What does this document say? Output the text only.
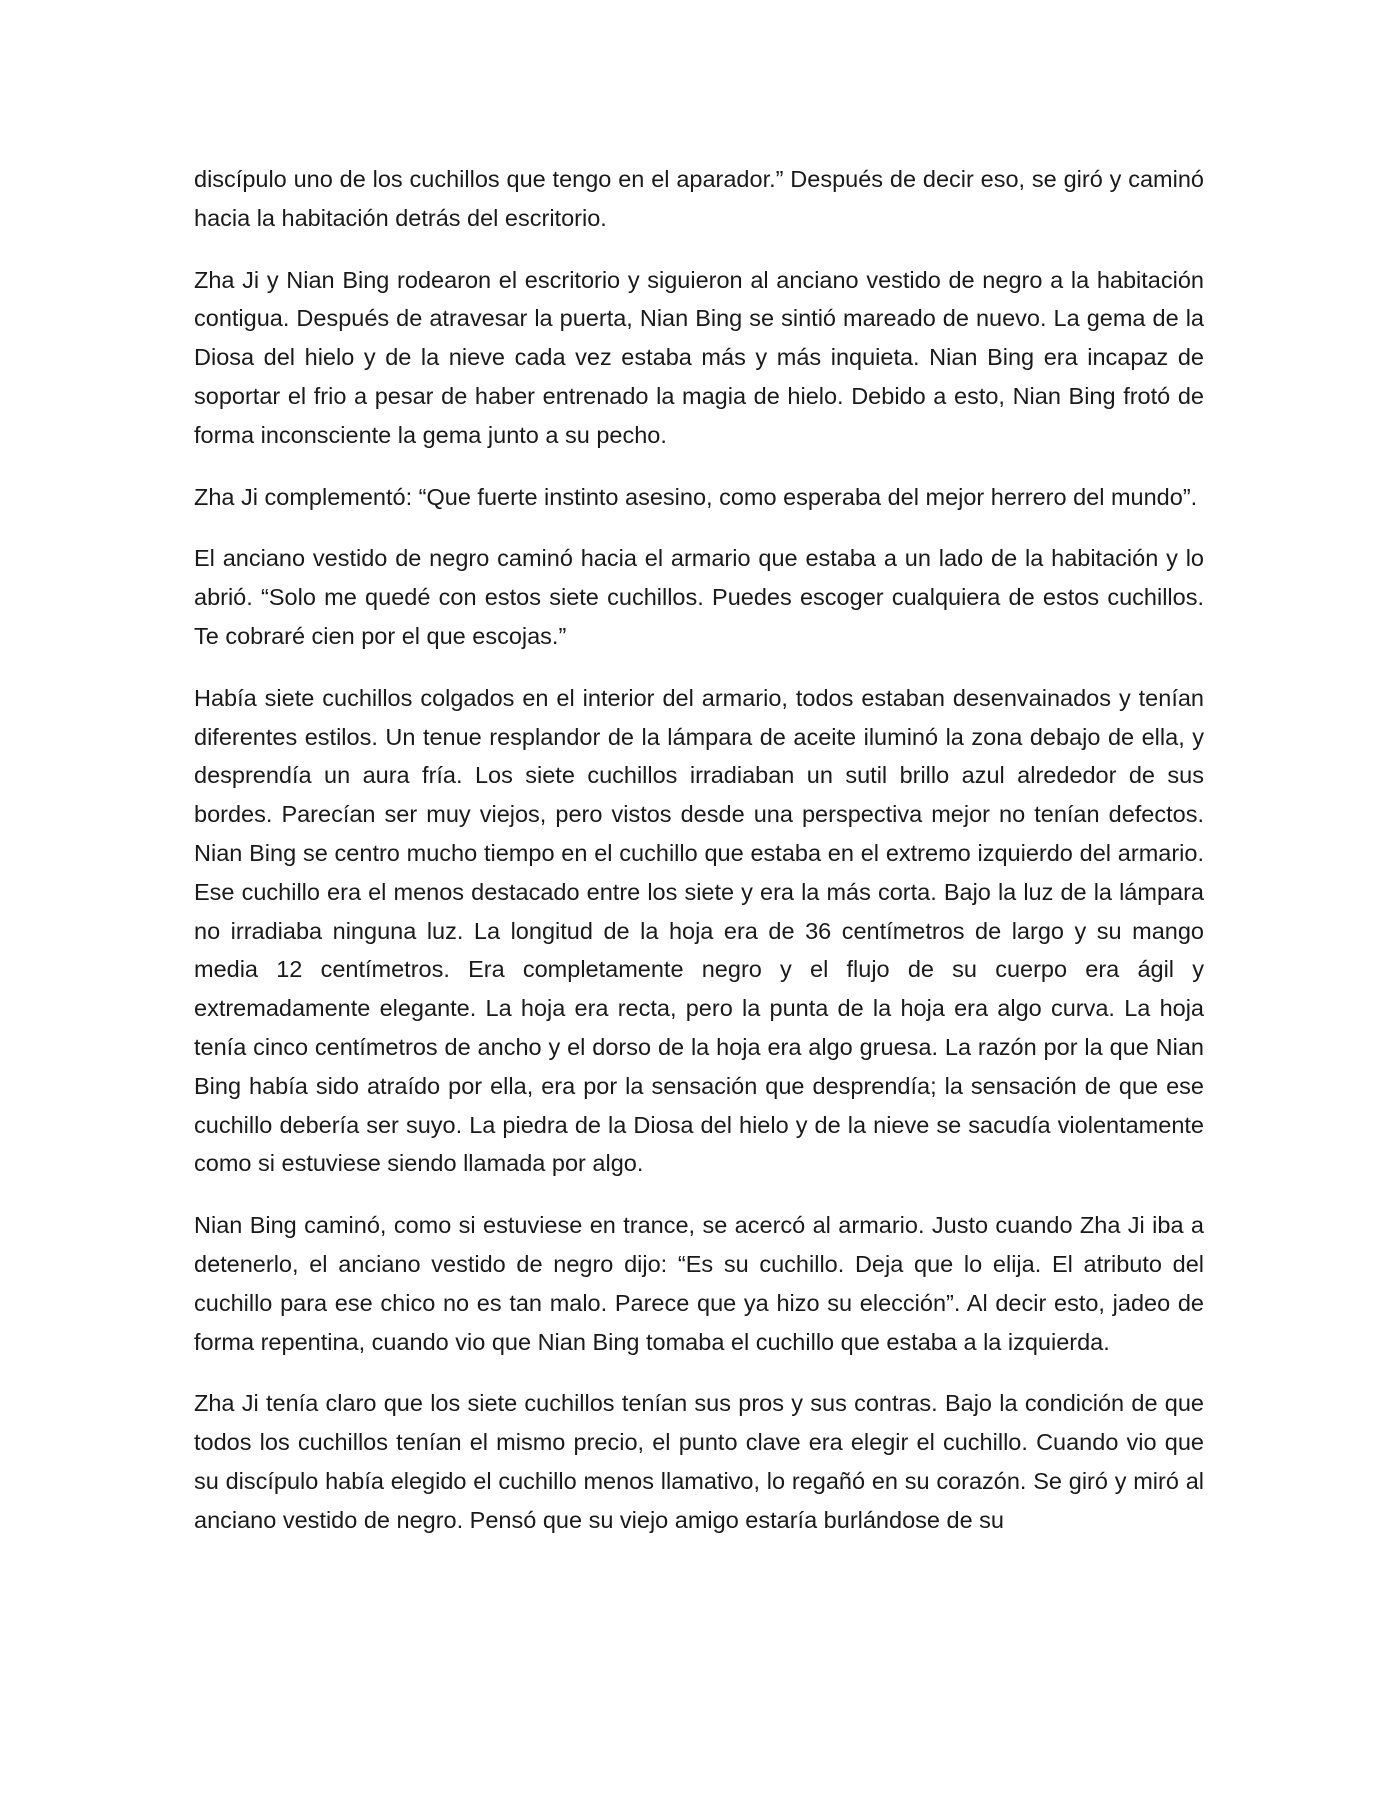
discípulo uno de los cuchillos que tengo en el aparador.” Después de decir eso, se giró y caminó hacia la habitación detrás del escritorio.

Zha Ji y Nian Bing rodearon el escritorio y siguieron al anciano vestido de negro a la habitación contigua. Después de atravesar la puerta, Nian Bing se sintió mareado de nuevo. La gema de la Diosa del hielo y de la nieve cada vez estaba más y más inquieta. Nian Bing era incapaz de soportar el frio a pesar de haber entrenado la magia de hielo. Debido a esto, Nian Bing frotó de forma inconsciente la gema junto a su pecho.

Zha Ji complementó: “Que fuerte instinto asesino, como esperaba del mejor herrero del mundo”.

El anciano vestido de negro caminó hacia el armario que estaba a un lado de la habitación y lo abrió. “Solo me quedé con estos siete cuchillos. Puedes escoger cualquiera de estos cuchillos. Te cobraré cien por el que escojas.”

Había siete cuchillos colgados en el interior del armario, todos estaban desenvainados y tenían diferentes estilos. Un tenue resplandor de la lámpara de aceite iluminó la zona debajo de ella, y desprendía un aura fría. Los siete cuchillos irradiaban un sutil brillo azul alrededor de sus bordes. Parecían ser muy viejos, pero vistos desde una perspectiva mejor no tenían defectos. Nian Bing se centro mucho tiempo en el cuchillo que estaba en el extremo izquierdo del armario. Ese cuchillo era el menos destacado entre los siete y era la más corta. Bajo la luz de la lámpara no irradiaba ninguna luz. La longitud de la hoja era de 36 centímetros de largo y su mango media 12 centímetros. Era completamente negro y el flujo de su cuerpo era ágil y extremadamente elegante. La hoja era recta, pero la punta de la hoja era algo curva. La hoja tenía cinco centímetros de ancho y el dorso de la hoja era algo gruesa. La razón por la que Nian Bing había sido atraído por ella, era por la sensación que desprendía; la sensación de que ese cuchillo debería ser suyo. La piedra de la Diosa del hielo y de la nieve se sacudía violentamente como si estuviese siendo llamada por algo.

Nian Bing caminó, como si estuviese en trance, se acercó al armario. Justo cuando Zha Ji iba a detenerlo, el anciano vestido de negro dijo: “Es su cuchillo. Deja que lo elija. El atributo del cuchillo para ese chico no es tan malo. Parece que ya hizo su elección”. Al decir esto, jadeo de forma repentina, cuando vio que Nian Bing tomaba el cuchillo que estaba a la izquierda.

Zha Ji tenía claro que los siete cuchillos tenían sus pros y sus contras. Bajo la condición de que todos los cuchillos tenían el mismo precio, el punto clave era elegir el cuchillo. Cuando vio que su discípulo había elegido el cuchillo menos llamativo, lo regañó en su corazón. Se giró y miró al anciano vestido de negro. Pensó que su viejo amigo estaría burlándose de su
